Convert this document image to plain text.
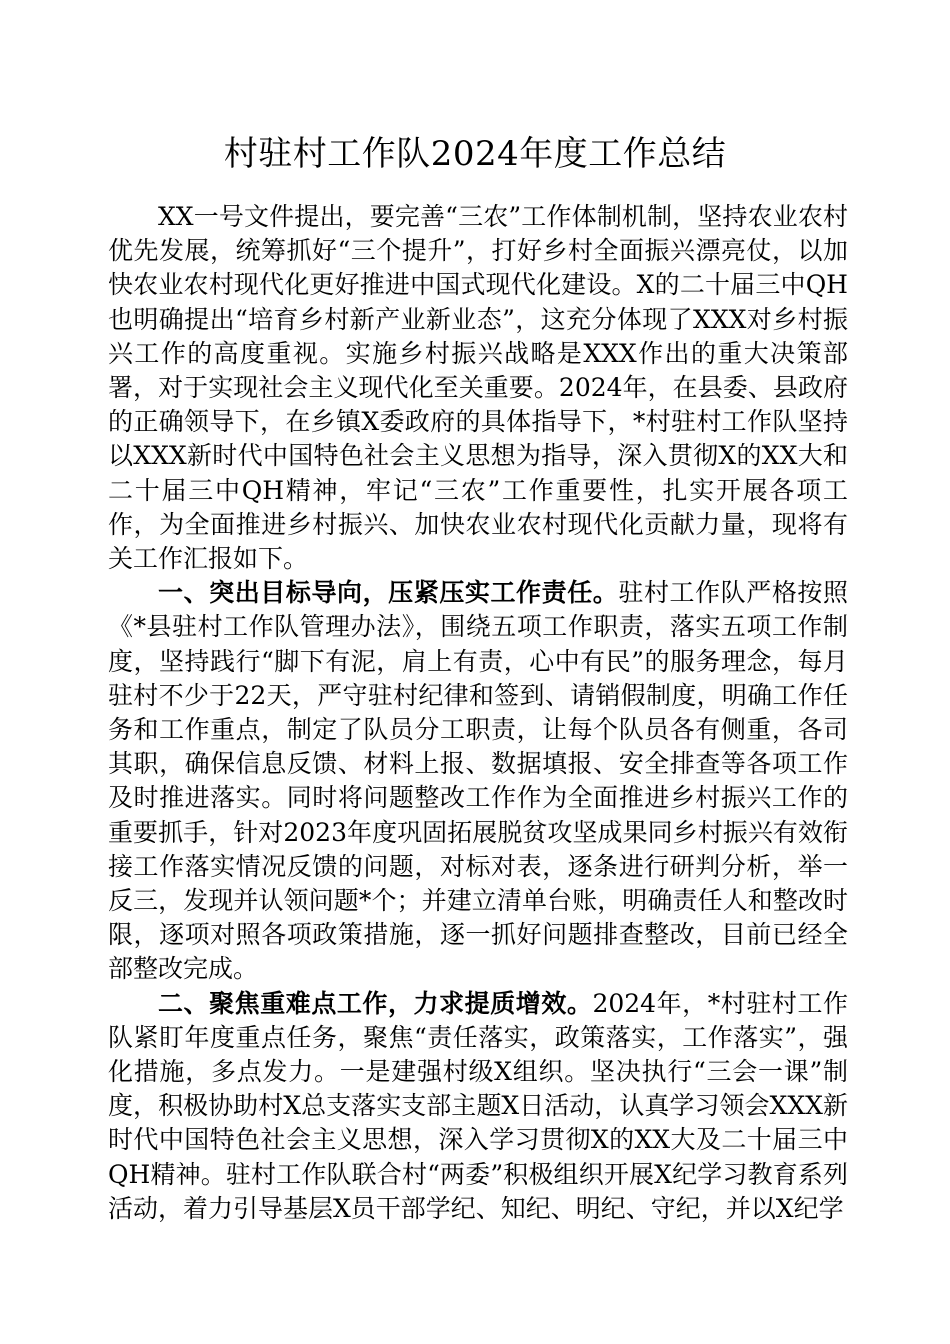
村驻村工作队2024年度工作总结

XX一号文件提出，要完善“三农”工作体制机制，坚持农业农村优先发展，统筹抓好“三个提升”，打好乡村全面振兴漂亮仗，以加快农业农村现代化更好推进中国式现代化建设。X的二十届三中QH也明确提出“培育乡村新产业新业态”，这充分体现了XXX对乡村振兴工作的高度重视。实施乡村振兴战略是XXX作出的重大决策部署，对于实现社会主义现代化至关重要。2024年，在县委、县政府的正确领导下，在乡镇X委政府的具体指导下，*村驻村工作队坚持以XXX新时代中国特色社会主义思想为指导，深入贯彻X的XX大和二十届三中QH精神，牢记“三农”工作重要性，扎实开展各项工作，为全面推进乡村振兴、加快农业农村现代化贡献力量，现将有关工作汇报如下。

一、突出目标导向，压紧压实工作责任。驻村工作队严格按照《*县驻村工作队管理办法》，围绕五项工作职责，落实五项工作制度，坚持践行“脚下有泥，肩上有责，心中有民”的服务理念，每月驻村不少于22天，严守驻村纪律和签到、请销假制度，明确工作任务和工作重点，制定了队员分工职责，让每个队员各有侧重，各司其职，确保信息反馈、材料上报、数据填报、安全排查等各项工作及时推进落实。同时将问题整改工作作为全面推进乡村振兴工作的重要抓手，针对2023年度巩固拓展脱贫攻坚成果同乡村振兴有效衔接工作落实情况反馈的问题，对标对表，逐条进行研判分析，举一反三，发现并认领问题*个；并建立清单台账，明确责任人和整改时限，逐项对照各项政策措施，逐一抓好问题排查整改，目前已经全部整改完成。

二、聚焦重难点工作，力求提质增效。2024年，*村驻村工作队紧盯年度重点任务，聚焦“责任落实，政策落实，工作落实”，强化措施，多点发力。一是建强村级X组织。坚决执行“三会一课”制度，积极协助村X总支落实支部主题X日活动，认真学习领会XXX新时代中国特色社会主义思想，深入学习贯彻X的XX大及二十届三中QH精神。驻村工作队联合村“两委”积极组织开展X纪学习教育系列活动，着力引导基层X员干部学纪、知纪、明纪、守纪，并以X纪学
